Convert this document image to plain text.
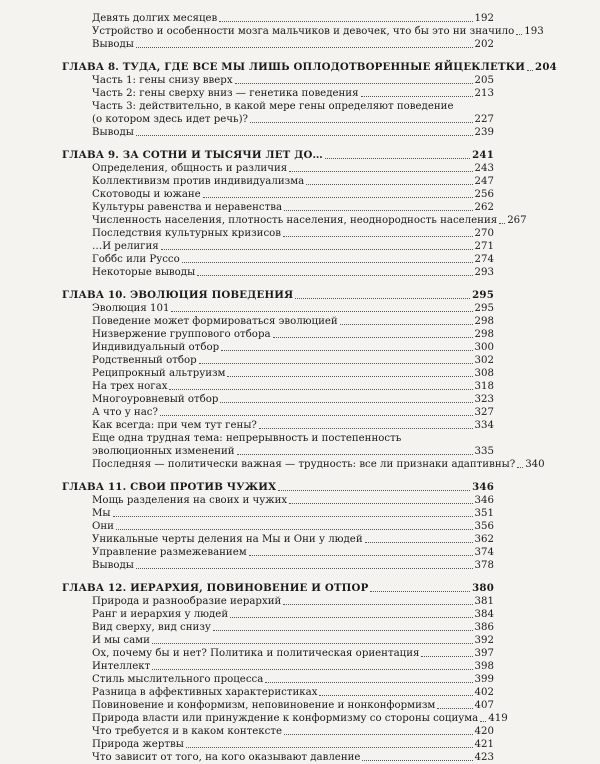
Девять долгих месяцев	192
Устройство и особенности мозга мальчиков и девочек, что бы это ни значило 193
Выводы	202
ГЛАВА 8. ТУДА, ГДЕ ВСЕ МЫ ЛИШЬ ОПЛОДОТВОРЕННЫЕ ЯЙЦЕКЛЕТКИ 204
Часть 1: гены снизу вверх	205
Часть 2: гены сверху вниз — генетика поведения	213
Часть 3: действительно, в какой мере гены определяют поведение
(о котором здесь идет речь)?	227
Выводы	239
ГЛАВА 9. ЗА СОТНИ И ТЫСЯЧИ ЛЕТ ДО…	241
Определения, общность и различия	243
Коллективизм против индивидуализма	247
Скотоводы и южане	256
Культуры равенства и неравенства	262
Численность населения, плотность населения, неоднородность населения 267
Последствия культурных кризисов	270
…И религия	271
Гоббс или Руссо	274
Некоторые выводы	293
ГЛАВА 10. ЭВОЛЮЦИЯ ПОВЕДЕНИЯ	295
Эволюция 101	295
Поведение может формироваться эволюцией	298
Низвержение группового отбора	298
Индивидуальный отбор	300
Родственный отбор	302
Реципрокный альтруизм	308
На трех ногах	318
Многоуровневый отбор	323
А что у нас?	327
Как всегда: при чем тут гены?	334
Еще одна трудная тема: непрерывность и постепенность
эволюционных изменений	335
Последняя — политически важная — трудность: все ли признаки адаптивны? 340
ГЛАВА 11. СВОИ ПРОТИВ ЧУЖИХ	346
Мощь разделения на своих и чужих	346
Мы	351
Они	356
Уникальные черты деления на Мы и Они у людей	362
Управление размежеванием	374
Выводы	378
ГЛАВА 12. ИЕРАРХИЯ, ПОВИНОВЕНИЕ И ОТПОР	380
Природа и разнообразие иерархий	381
Ранг и иерархия у людей	384
Вид сверху, вид снизу	386
И мы сами	392
Ох, почему бы и нет? Политика и политическая ориентация	397
Интеллект	398
Стиль мыслительного процесса	399
Разница в аффективных характеристиках	402
Повиновение и конформизм, неповиновение и нонконформизм	407
Природа власти или принуждение к конформизму со стороны социума 419
Что требуется и в каком контексте	420
Природа жертвы	421
Что зависит от того, на кого оказывают давление	423
